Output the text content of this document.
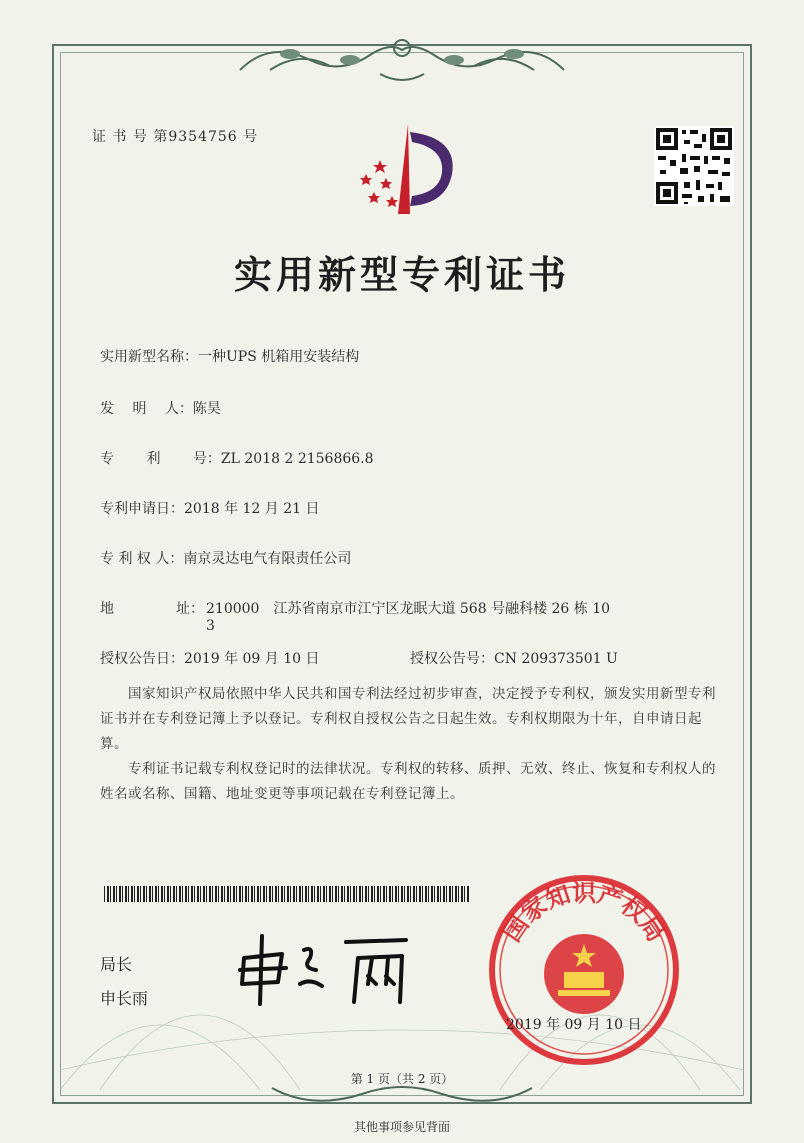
证 书 号 第9354756 号
实用新型专利证书
实用新型名称：一种UPS 机箱用安装结构
发　 明　 人：陈昊
专　　 利　　 号：ZL 2018 2 2156866.8
专利申请日：2018 年 12 月 21 日
专 利 权 人：南京灵达电气有限责任公司
地	址： 210000　江苏省南京市江宁区龙眠大道 568 号融科楼 26 栋 10
3
授权公告日：2019 年 09 月 10 日	授权公告号：CN 209373501 U

国家知识产权局依照中华人民共和国专利法经过初步审查，决定授予专利权，颁发实用新型专利证书并在专利登记簿上予以登记。专利权自授权公告之日起生效。专利权期限为十年，自申请日起算。

专利证书记载专利权登记时的法律状况。专利权的转移、质押、无效、终止、恢复和专利权人的姓名或名称、国籍、地址变更等事项记载在专利登记簿上。

局长
申长雨
国家知识产权局
2019 年 09 月 10 日
第 1 页（共 2 页）
其他事项参见背面
